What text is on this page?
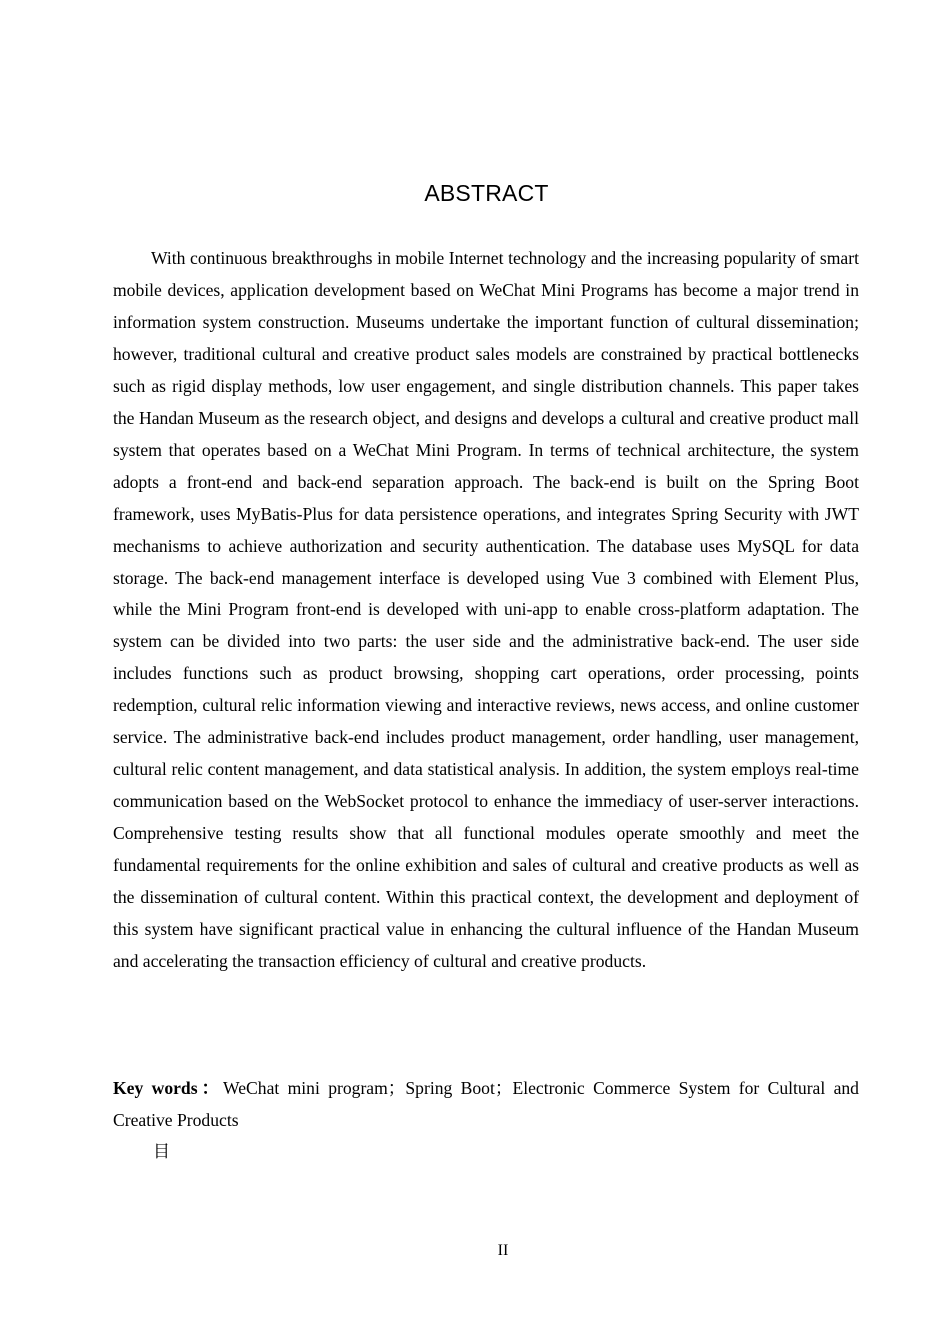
ABSTRACT

With continuous breakthroughs in mobile Internet technology and the increasing popularity of smart mobile devices, application development based on WeChat Mini Programs has become a major trend in information system construction. Museums undertake the important function of cultural dissemination; however, traditional cultural and creative product sales models are constrained by practical bottlenecks such as rigid display methods, low user engagement, and single distribution channels. This paper takes the Handan Museum as the research object, and designs and develops a cultural and creative product mall system that operates based on a WeChat Mini Program. In terms of technical architecture, the system adopts a front-end and back-end separation approach. The back-end is built on the Spring Boot framework, uses MyBatis-Plus for data persistence operations, and integrates Spring Security with JWT mechanisms to achieve authorization and security authentication. The database uses MySQL for data storage. The back-end management interface is developed using Vue 3 combined with Element Plus, while the Mini Program front-end is developed with uni-app to enable cross-platform adaptation. The system can be divided into two parts: the user side and the administrative back-end. The user side includes functions such as product browsing, shopping cart operations, order processing, points redemption, cultural relic information viewing and interactive reviews, news access, and online customer service. The administrative back-end includes product management, order handling, user management, cultural relic content management, and data statistical analysis. In addition, the system employs real-time communication based on the WebSocket protocol to enhance the immediacy of user-server interactions. Comprehensive testing results show that all functional modules operate smoothly and meet the fundamental requirements for the online exhibition and sales of cultural and creative products as well as the dissemination of cultural content. Within this practical context, the development and deployment of this system have significant practical value in enhancing the cultural influence of the Handan Museum and accelerating the transaction efficiency of cultural and creative products.

Key words：WeChat mini program；Spring Boot；Electronic Commerce System for Cultural and Creative Products

目
II
